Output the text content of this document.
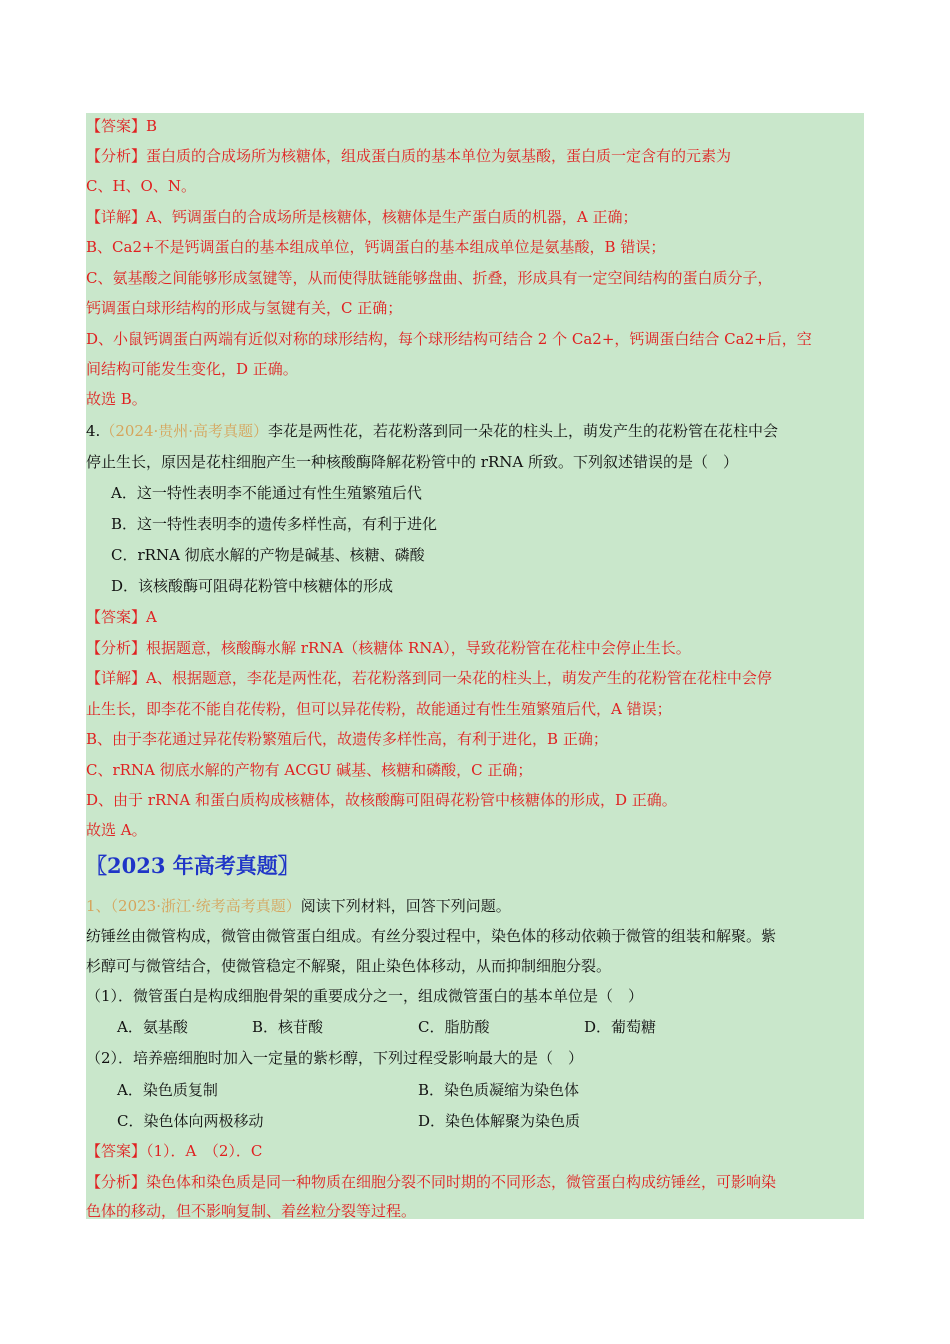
【答案】B
【分析】蛋白质的合成场所为核糖体，组成蛋白质的基本单位为氨基酸，蛋白质一定含有的元素为
C、H、O、N。
【详解】A、钙调蛋白的合成场所是核糖体，核糖体是生产蛋白质的机器，A 正确；
B、Ca2+不是钙调蛋白的基本组成单位，钙调蛋白的基本组成单位是氨基酸，B 错误；
C、氨基酸之间能够形成氢键等，从而使得肽链能够盘曲、折叠，形成具有一定空间结构的蛋白质分子，
钙调蛋白球形结构的形成与氢键有关，C 正确；
D、小鼠钙调蛋白两端有近似对称的球形结构，每个球形结构可结合 2 个 Ca2+，钙调蛋白结合 Ca2+后，空
间结构可能发生变化，D 正确。
故选 B。
4.（2024·贵州·高考真题）李花是两性花，若花粉落到同一朵花的柱头上，萌发产生的花粉管在花柱中会
停止生长，原因是花柱细胞产生一种核酸酶降解花粉管中的 rRNA 所致。下列叙述错误的是（　）
A．这一特性表明李不能通过有性生殖繁殖后代
B．这一特性表明李的遗传多样性高，有利于进化
C．rRNA 彻底水解的产物是碱基、核糖、磷酸
D．该核酸酶可阻碍花粉管中核糖体的形成
【答案】A
【分析】根据题意，核酸酶水解 rRNA（核糖体 RNA），导致花粉管在花柱中会停止生长。
【详解】A、根据题意，李花是两性花，若花粉落到同一朵花的柱头上，萌发产生的花粉管在花柱中会停
止生长，即李花不能自花传粉，但可以异花传粉，故能通过有性生殖繁殖后代，A 错误；
B、由于李花通过异花传粉繁殖后代，故遗传多样性高，有利于进化，B 正确；
C、rRNA 彻底水解的产物有 ACGU 碱基、核糖和磷酸，C 正确；
D、由于 rRNA 和蛋白质构成核糖体，故核酸酶可阻碍花粉管中核糖体的形成，D 正确。
故选 A。
〖2023 年高考真题〗
1、（2023·浙江·统考高考真题）阅读下列材料，回答下列问题。
纺锤丝由微管构成，微管由微管蛋白组成。有丝分裂过程中，染色体的移动依赖于微管的组装和解聚。紫
杉醇可与微管结合，使微管稳定不解聚，阻止染色体移动，从而抑制细胞分裂。
（1）．微管蛋白是构成细胞骨架的重要成分之一，组成微管蛋白的基本单位是（　）
A．氨基酸	B．核苷酸	C．脂肪酸	D．葡萄糖
（2）．培养癌细胞时加入一定量的紫杉醇，下列过程受影响最大的是（　）
A．染色质复制	B．染色质凝缩为染色体
C．染色体向两极移动	D．染色体解聚为染色质
【答案】（1）．A　（2）．C
【分析】染色体和染色质是同一种物质在细胞分裂不同时期的不同形态，微管蛋白构成纺锤丝，可影响染
色体的移动，但不影响复制、着丝粒分裂等过程。
